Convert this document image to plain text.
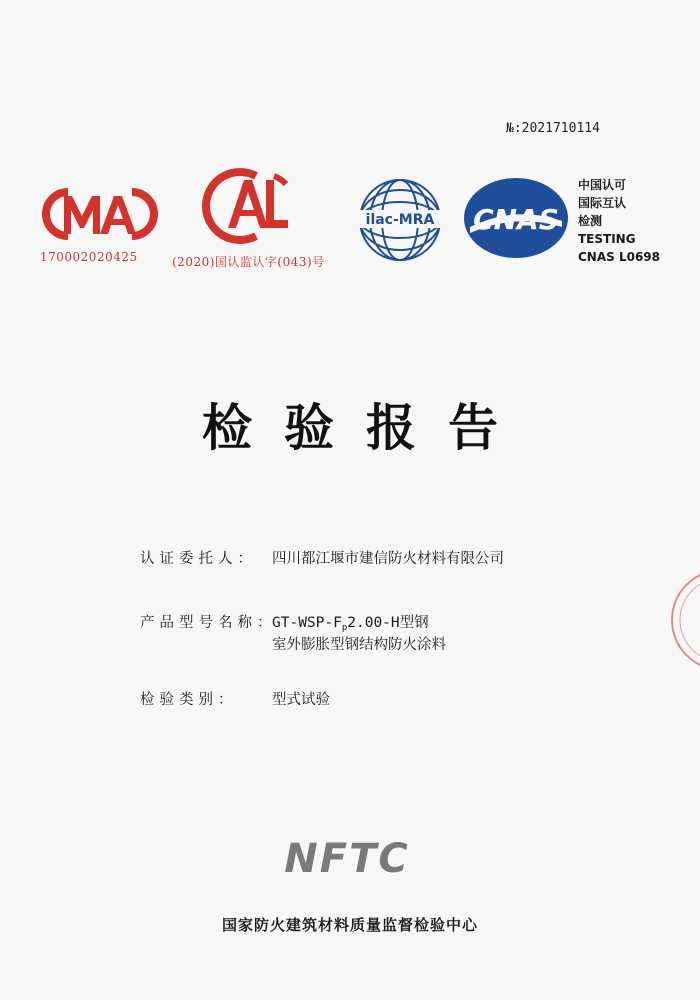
№:2021710114
170002020425	(2020)国认监认字(043)号
ilac-MRA CNAS
中国认可
国际互认
检测
TESTING
CNAS L0698
检验报告
认证委托人：	四川都江堰市建信防火材料有限公司
产品型号名称：
$GT-WSP-F_p2.00-H$型钢
室外膨胀型钢结构防火涂料
检验类别：	型式试验
NFTC
国家防火建筑材料质量监督检验中心
